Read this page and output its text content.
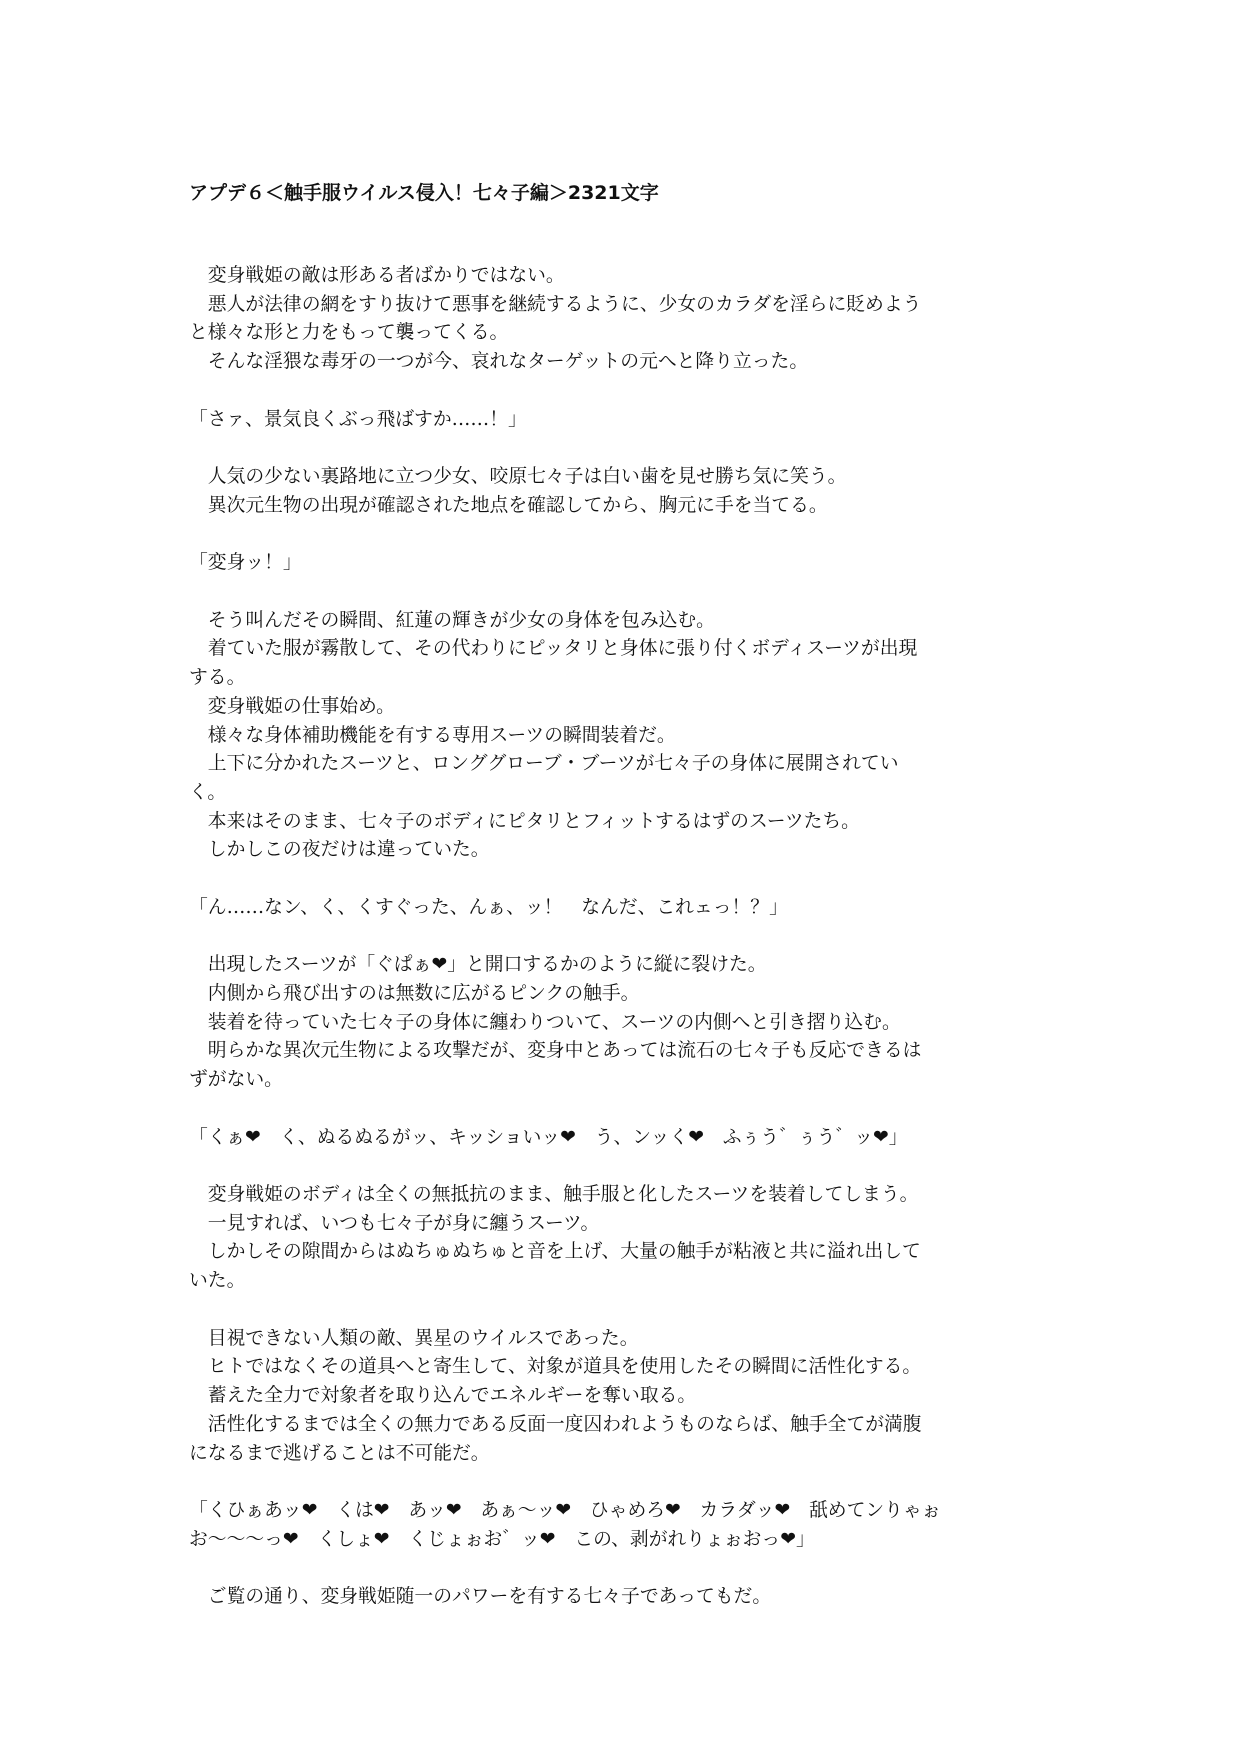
アプデ６＜触手服ウイルス侵入！七々子編＞2321文字
　変身戦姫の敵は形ある者ばかりではない。
　悪人が法律の網をすり抜けて悪事を継続するように、少女のカラダを淫らに貶めよう
と様々な形と力をもって襲ってくる。
　そんな淫猥な毒牙の一つが今、哀れなターゲットの元へと降り立った。
「さァ、景気良くぶっ飛ばすか‥‥‥！」
　人気の少ない裏路地に立つ少女、咬原七々子は白い歯を見せ勝ち気に笑う。
　異次元生物の出現が確認された地点を確認してから、胸元に手を当てる。
「変身ッ！」
　そう叫んだその瞬間、紅蓮の輝きが少女の身体を包み込む。
　着ていた服が霧散して、その代わりにピッタリと身体に張り付くボディスーツが出現
する。
　変身戦姫の仕事始め。
　様々な身体補助機能を有する専用スーツの瞬間装着だ。
　上下に分かれたスーツと、ロンググローブ・ブーツが七々子の身体に展開されてい
く。
　本来はそのまま、七々子のボディにピタリとフィットするはずのスーツたち。
　しかしこの夜だけは違っていた。
「ん‥‥‥なン、く、くすぐった、んぁ、ッ！　なんだ、これェっ！？」
　出現したスーツが「ぐぱぁ❤」と開口するかのように縦に裂けた。
　内側から飛び出すのは無数に広がるピンクの触手。
　装着を待っていた七々子の身体に纏わりついて、スーツの内側へと引き摺り込む。
　明らかな異次元生物による攻撃だが、変身中とあっては流石の七々子も反応できるは
ずがない。
「くぁ❤　く、ぬるぬるがッ、キッショいッ❤　う、ンッく❤　ふぅう゛ぅう゛ッ❤」
　変身戦姫のボディは全くの無抵抗のまま、触手服と化したスーツを装着してしまう。
　一見すれば、いつも七々子が身に纏うスーツ。
　しかしその隙間からはぬちゅぬちゅと音を上げ、大量の触手が粘液と共に溢れ出して
いた。
　目視できない人類の敵、異星のウイルスであった。
　ヒトではなくその道具へと寄生して、対象が道具を使用したその瞬間に活性化する。
　蓄えた全力で対象者を取り込んでエネルギーを奪い取る。
　活性化するまでは全くの無力である反面一度囚われようものならば、触手全てが満腹
になるまで逃げることは不可能だ。
「くひぁあッ❤　くは❤　あッ❤　あぁ〜ッ❤　ひゃめろ❤　カラダッ❤　舐めてンりゃぉ
お〜〜〜っ❤　くしょ❤　くじょぉお゛ッ❤　この、剥がれりょぉおっ❤」
　ご覧の通り、変身戦姫随一のパワーを有する七々子であってもだ。
